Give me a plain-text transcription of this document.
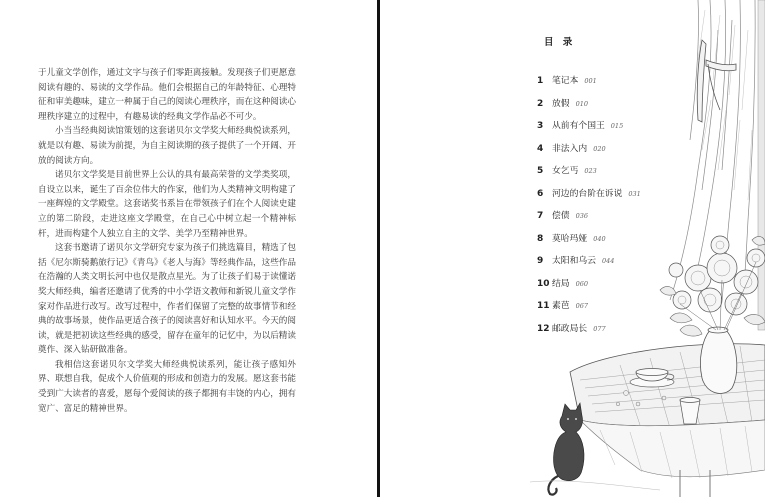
于儿童文学创作，通过文字与孩子们零距离接触。发现孩子们更愿意阅读有趣的、易读的文学作品。他们会根据自己的年龄特征、心理特征和审美趣味，建立一种属于自己的阅读心理秩序，而在这种阅读心理秩序建立的过程中，有趣易读的经典文学作品必不可少。

小当当经典阅读馆策划的这套诺贝尔文学奖大师经典悦读系列，就是以有趣、易读为前提，为自主阅读期的孩子提供了一个开阔、开放的阅读方向。

诺贝尔文学奖是目前世界上公认的具有最高荣誉的文学类奖项，自设立以来，诞生了百余位伟大的作家，他们为人类精神文明构建了一座辉煌的文学殿堂。这套诺奖书系旨在带领孩子们在个人阅读史建立的第二阶段，走进这座文学殿堂，在自己心中树立起一个精神标杆，进而构建个人独立自主的文学、美学乃至精神世界。

这套书邀请了诺贝尔文学研究专家为孩子们挑选篇目，精选了包括《尼尔斯骑鹅旅行记》《青鸟》《老人与海》等经典作品，这些作品在浩瀚的人类文明长河中也仅是散点星光。为了让孩子们易于读懂诺奖大师经典，编者还邀请了优秀的中小学语文教师和新锐儿童文学作家对作品进行改写。改写过程中，作者们保留了完整的故事情节和经典的故事场景，使作品更适合孩子的阅读喜好和认知水平。今天的阅读，就是把初读这些经典的感受，留存在童年的记忆中，为以后精读奠作、深入钻研做准备。

我相信这套诺贝尔文学奖大师经典悦读系列，能让孩子感知外界、联想自我，促成个人价值观的形成和创造力的发展。愿这套书能受到广大读者的喜爱，愿每个爱阅读的孩子都拥有丰饶的内心，拥有宽广、富足的精神世界。

目 录
1 笔记本 001
2 放假 010
3 从前有个国王 015
4 非法入内 020
5 女乞丐 023
6 河边的台阶在诉说 031
7 偿债 036
8 莫哈玛娅 040
9 太阳和乌云 044
10 结局 060
11 素芭 067
12 邮政局长 077
